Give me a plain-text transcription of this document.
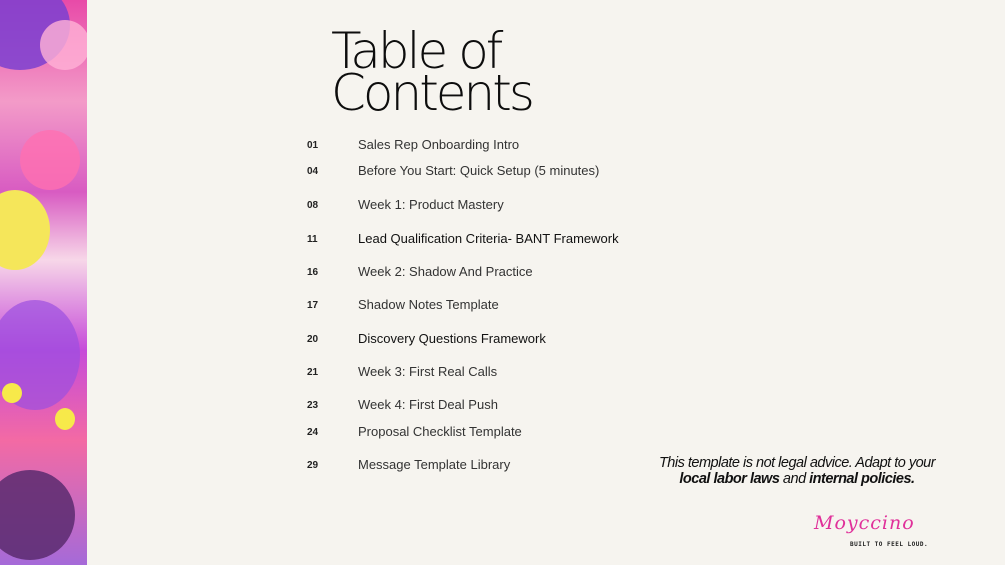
Table of
Contents
01	Sales Rep Onboarding Intro
04	Before You Start: Quick Setup (5 minutes)
08	Week 1: Product Mastery
11	Lead Qualification Criteria- BANT Framework
16	Week 2: Shadow And Practice
17	Shadow Notes Template
20	Discovery Questions Framework
21	Week 3: First Real Calls
23	Week 4: First Deal Push
24	Proposal Checklist Template
29	Message Template Library	This template is not legal advice. Adapt to your
local labor laws and internal policies.
Moyccino
BUILT TO FEEL LOUD.
